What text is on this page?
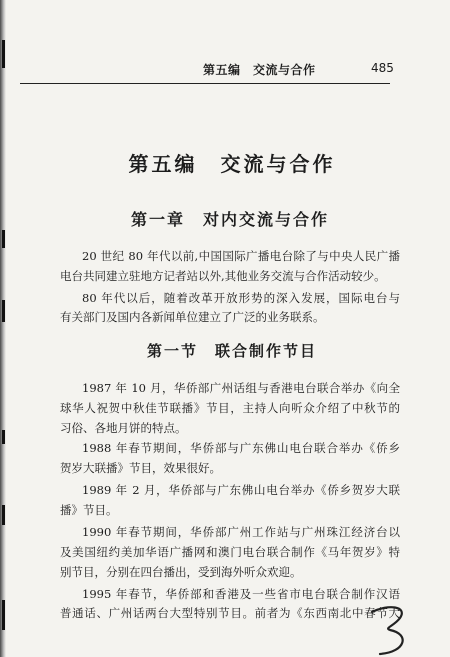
第五编　交流与合作	485
第五编　交流与合作
第一章　对内交流与合作
20 世纪 80 年代以前,中国国际广播电台除了与中央人民广播
电台共同建立驻地方记者站以外,其他业务交流与合作活动较少。
80 年代以后，随着改革开放形势的深入发展，国际电台与
有关部门及国内各新闻单位建立了广泛的业务联系。
第一节　联合制作节目
1987 年 10 月，华侨部广州话组与香港电台联合举办《向全
球华人祝贺中秋佳节联播》节目，主持人向听众介绍了中秋节的
习俗、各地月饼的特点。
1988 年春节期间，华侨部与广东佛山电台联合举办《侨乡
贺岁大联播》节目，效果很好。
1989 年 2 月，华侨部与广东佛山电台举办《侨乡贺岁大联
播》节目。
1990 年春节期间，华侨部广州工作站与广州珠江经济台以
及美国纽约美加华语广播网和澳门电台联合制作《马年贺岁》特
别节目，分别在四台播出，受到海外听众欢迎。
1995 年春节，华侨部和香港及一些省市电台联合制作汉语
普通话、广州话两台大型特别节目。前者为《东西南北中春节大
